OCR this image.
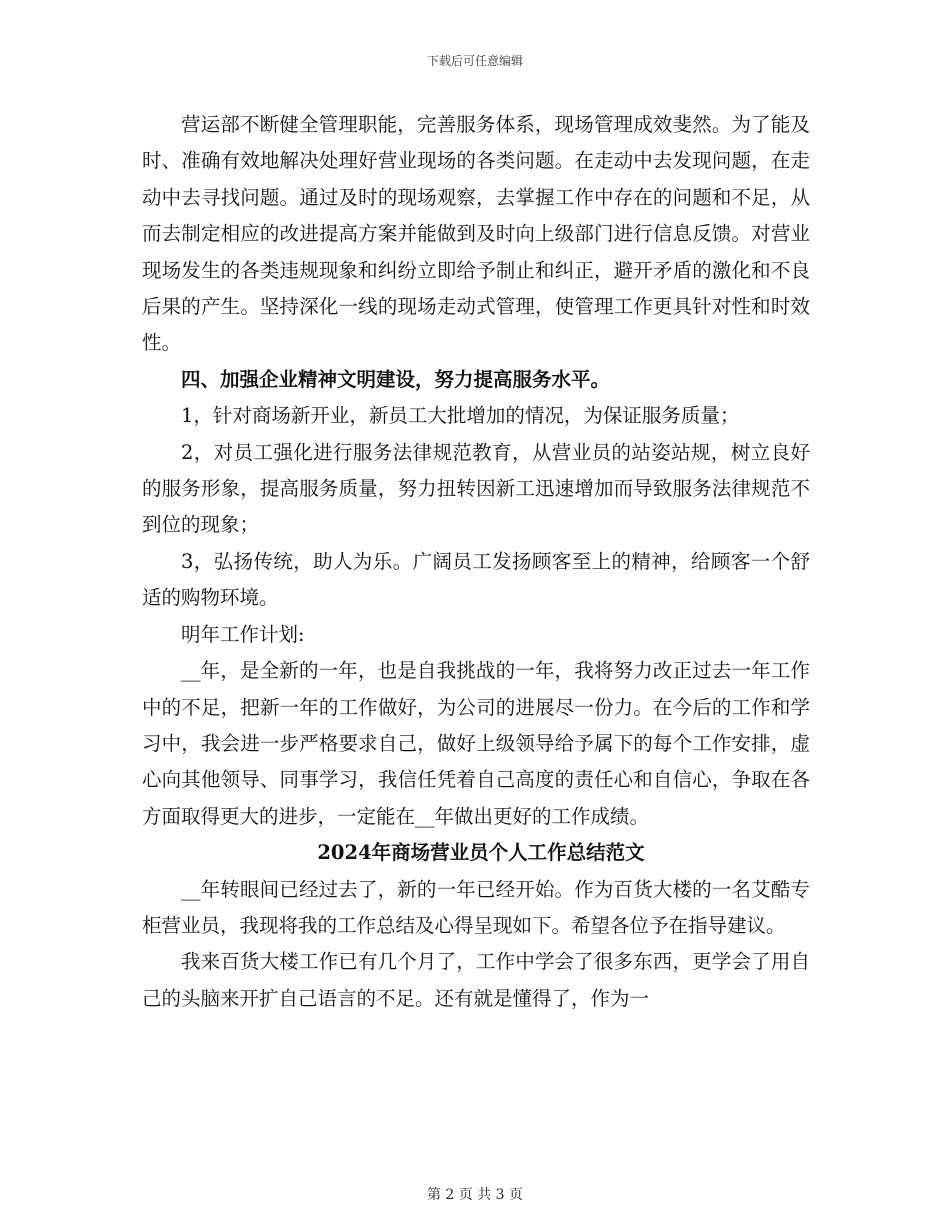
下载后可任意编辑

营运部不断健全管理职能，完善服务体系，现场管理成效斐然。为了能及时、准确有效地解决处理好营业现场的各类问题。在走动中去发现问题，在走动中去寻找问题。通过及时的现场观察，去掌握工作中存在的问题和不足，从而去制定相应的改进提高方案并能做到及时向上级部门进行信息反馈。对营业现场发生的各类违规现象和纠纷立即给予制止和纠正，避开矛盾的激化和不良后果的产生。坚持深化一线的现场走动式管理，使管理工作更具针对性和时效性。

四、加强企业精神文明建设，努力提高服务水平。

1，针对商场新开业，新员工大批增加的情况，为保证服务质量；

2，对员工强化进行服务法律规范教育，从营业员的站姿站规，树立良好的服务形象，提高服务质量，努力扭转因新工迅速增加而导致服务法律规范不到位的现象；

3，弘扬传统，助人为乐。广阔员工发扬顾客至上的精神，给顾客一个舒适的购物环境。

明年工作计划:

__年，是全新的一年，也是自我挑战的一年，我将努力改正过去一年工作中的不足，把新一年的工作做好，为公司的进展尽一份力。在今后的工作和学习中，我会进一步严格要求自己，做好上级领导给予属下的每个工作安排，虚心向其他领导、同事学习，我信任凭着自己高度的责任心和自信心，争取在各方面取得更大的进步，一定能在__年做出更好的工作成绩。

2024年商场营业员个人工作总结范文

__年转眼间已经过去了，新的一年已经开始。作为百货大楼的一名艾酷专柜营业员，我现将我的工作总结及心得呈现如下。希望各位予在指导建议。

我来百货大楼工作已有几个月了，工作中学会了很多东西，更学会了用自己的头脑来开扩自己语言的不足。还有就是懂得了，作为一

第 2 页 共 3 页
